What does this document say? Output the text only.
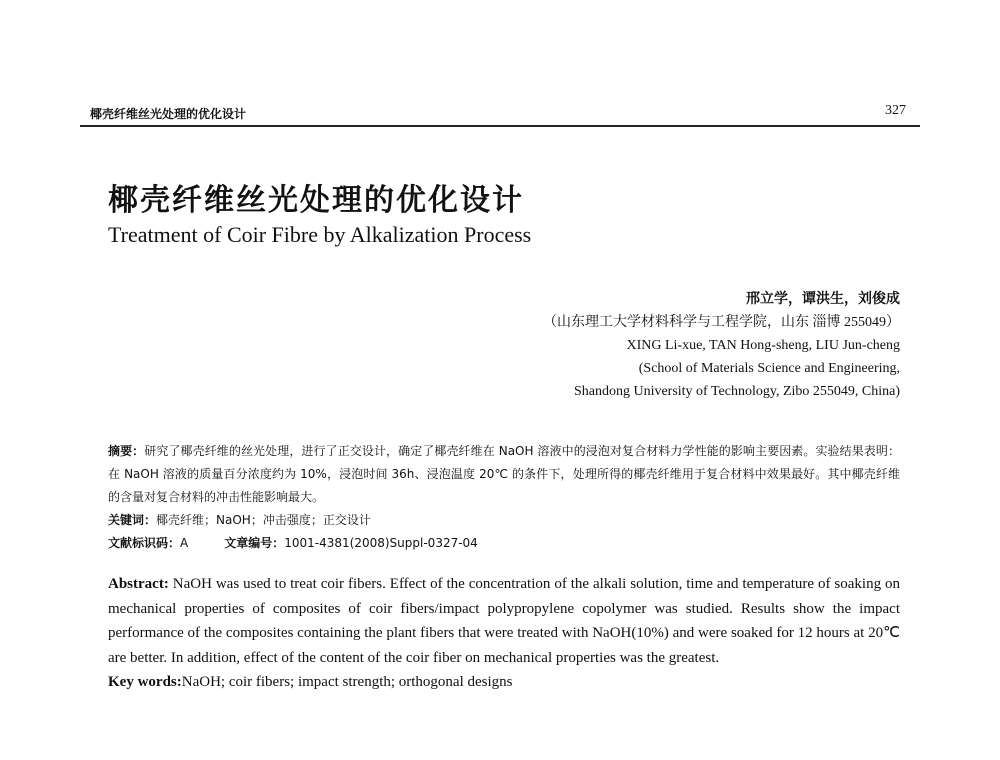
椰壳纤维丝光处理的优化设计	327
椰壳纤维丝光处理的优化设计
Treatment of Coir Fibre by Alkalization Process
邢立学，谭洪生，刘俊成
（山东理工大学材料科学与工程学院，山东 淄博 255049）
XING Li-xue, TAN Hong-sheng, LIU Jun-cheng
(School of Materials Science and Engineering,
Shandong University of Technology, Zibo 255049, China)

摘要：研究了椰壳纤维的丝光处理，进行了正交设计，确定了椰壳纤维在 NaOH 溶液中的浸泡对复合材料力学性能的影响主要因素。实验结果表明：在 NaOH 溶液的质量百分浓度约为 10%，浸泡时间 36h、浸泡温度 20℃ 的条件下，处理所得的椰壳纤维用于复合材料中效果最好。其中椰壳纤维的含量对复合材料的冲击性能影响最大。

关键词：椰壳纤维；NaOH；冲击强度；正交设计

文献标识码：A	文章编号：1001-4381(2008)Suppl-0327-04

Abstract: NaOH was used to treat coir fibers. Effect of the concentration of the alkali solution, time and temperature of soaking on mechanical properties of composites of coir fibers/impact polypropylene copolymer was studied. Results show the impact performance of the composites containing the plant fibers that were treated with NaOH(10%) and were soaked for 12 hours at 20℃ are better. In addition, effect of the content of the coir fiber on mechanical properties was the greatest.

Key words:NaOH; coir fibers; impact strength; orthogonal designs
